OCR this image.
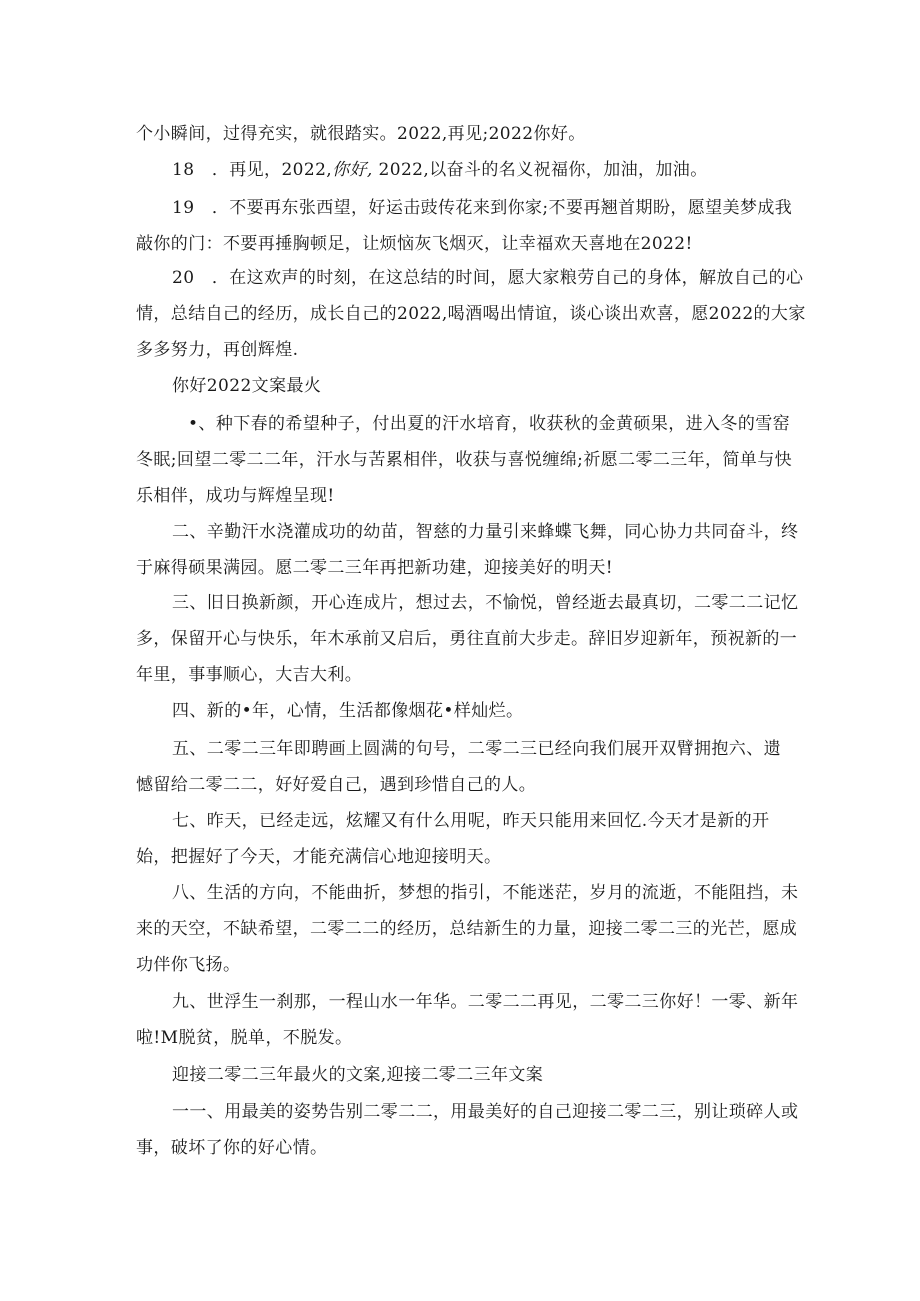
个小瞬间，过得充实，就很踏实。2022,再见;2022你好。

18　 ．再见，2022,你好, 2022,以奋斗的名义祝福你，加油，加油。

19　．不要再东张西望，好运击豉传花来到你家;不要再翘首期盼，愿望美梦成我
敲你的门：不要再捶胸顿足，让烦恼灰飞烟灭，让幸福欢天喜地在2022!

20　．在这欢声的时刻，在这总结的时间，愿大家粮劳自己的身体，解放自己的心
情，总结自己的经历，成长自己的2022,喝酒喝出情谊，谈心谈出欢喜，愿2022的大家
多多努力，再创辉煌.

你好2022文案最火

•、种下春的希望种子，付出夏的汗水培育，收获秋的金黄硕果，进入冬的雪窑
冬眠;回望二零二二年，汗水与苦累相伴，收获与喜悦缠绵;祈愿二零二三年，简单与快
乐相伴，成功与辉煌呈现!

二、辛勤汗水浇灌成功的幼苗，智慈的力量引来蜂蝶飞舞，同心协力共同奋斗，终
于麻得硕果满园。愿二零二三年再把新功建，迎接美好的明天!

三、旧日换新颜，开心连成片，想过去，不愉悦，曾经逝去最真切，二零二二记忆
多，保留开心与快乐，年木承前又启后，勇往直前大步走。辞旧岁迎新年，预祝新的一
年里，事事顺心，大吉大利。

四、新的•年，心情，生活都像烟花•样灿烂。

五、二零二三年即聘画上圆满的句号，二零二三已经向我们展开双臂拥抱六、遗
憾留给二零二二，好好爱自己，遇到珍惜自己的人。

七、昨天，已经走远，炫耀又有什么用呢，昨天只能用来回忆.今天才是新的开
始，把握好了今天，才能充满信心地迎接明天。

八、生活的方向，不能曲折，梦想的指引，不能迷茫，岁月的流逝，不能阻挡，未
来的天空，不缺希望，二零二二的经历，总结新生的力量，迎接二零二三的光芒，愿成
功伴你飞扬。

九、世浮生一刹那，一程山水一年华。二零二二再见，二零二三你好！一零、新年
啦!M脱贫，脱单，不脱发。

迎接二零二三年最火的文案,迎接二零二三年文案

一一、用最美的姿势告别二零二二，用最美好的自己迎接二零二三，别让琐碎人或
事，破坏了你的好心情。
